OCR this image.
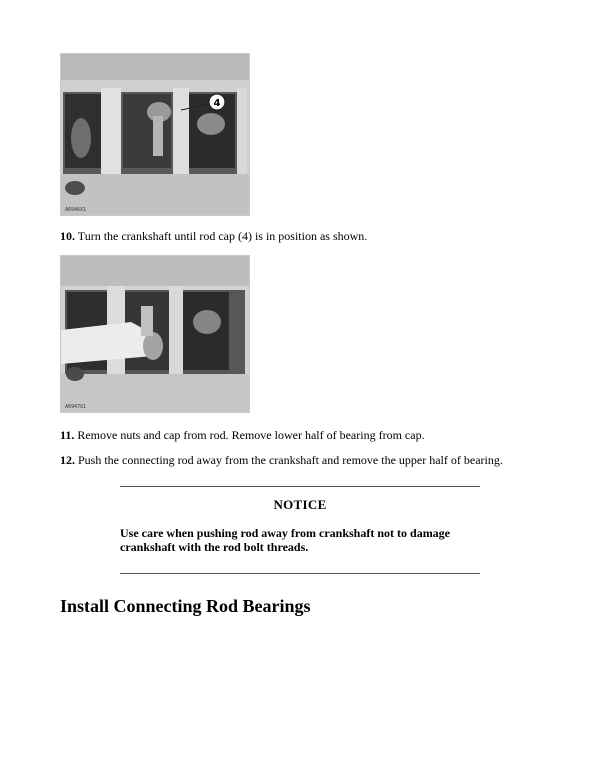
4
A6946X1
10. Turn the crankshaft until rod cap (4) is in position as shown.
A6947X1
11. Remove nuts and cap from rod. Remove lower half of bearing from cap.
12. Push the connecting rod away from the crankshaft and remove the upper half of bearing.
NOTICE
Use care when pushing rod away from crankshaft not to damage crankshaft with the rod bolt threads.
Install Connecting Rod Bearings
